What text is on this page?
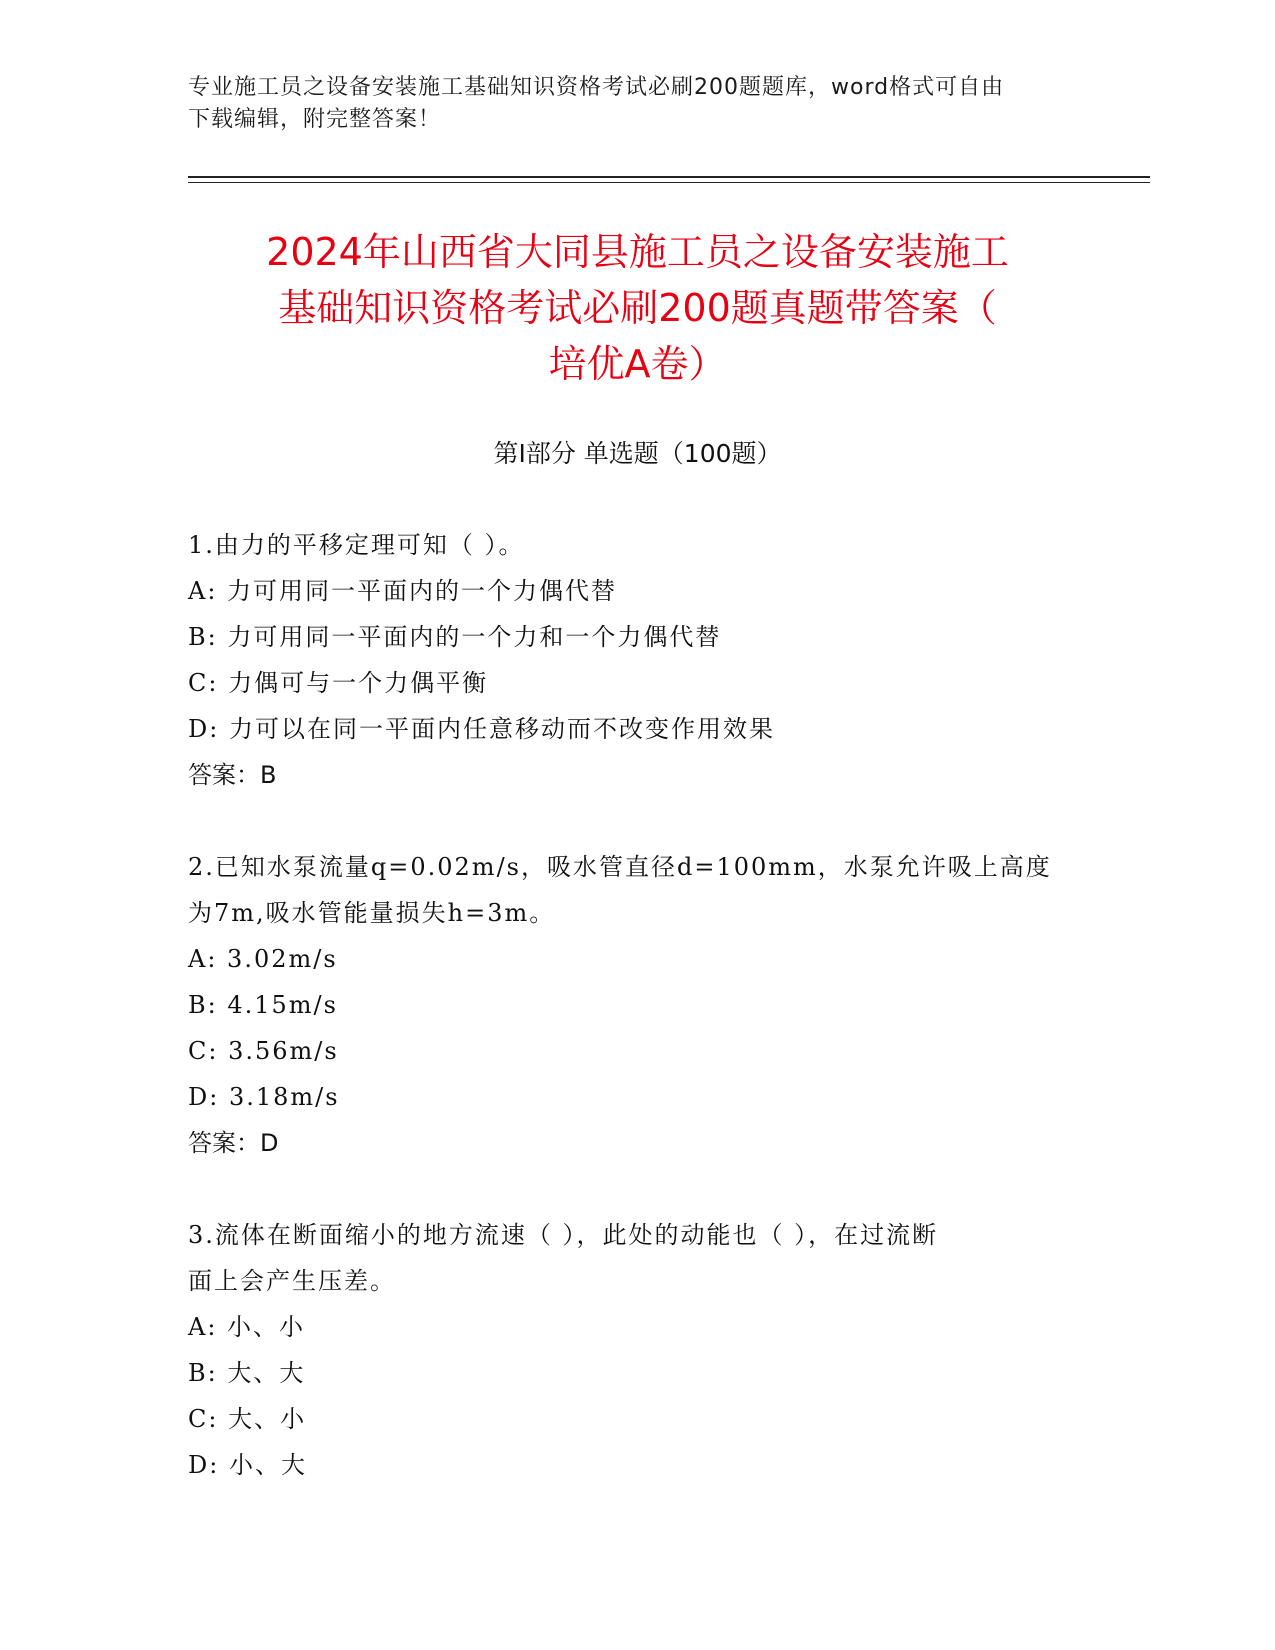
专业施工员之设备安装施工基础知识资格考试必刷200题题库，word格式可自由
下载编辑，附完整答案！
2024年山西省大同县施工员之设备安装施工
基础知识资格考试必刷200题真题带答案（
培优A卷）
第Ⅰ部分 单选题（100题）
1.由力的平移定理可知（ ）。
A: 力可用同一平面内的一个力偶代替
B: 力可用同一平面内的一个力和一个力偶代替
C: 力偶可与一个力偶平衡
D: 力可以在同一平面内任意移动而不改变作用效果
答案：B
2.已知水泵流量q=0.02m/s，吸水管直径d=100mm，水泵允许吸上高度
为7m,吸水管能量损失h=3m。
A: 3.02m/s
B: 4.15m/s
C: 3.56m/s
D: 3.18m/s
答案：D
3.流体在断面缩小的地方流速（ ），此处的动能也（ ），在过流断
面上会产生压差。
A: 小、小
B: 大、大
C: 大、小
D: 小、大
